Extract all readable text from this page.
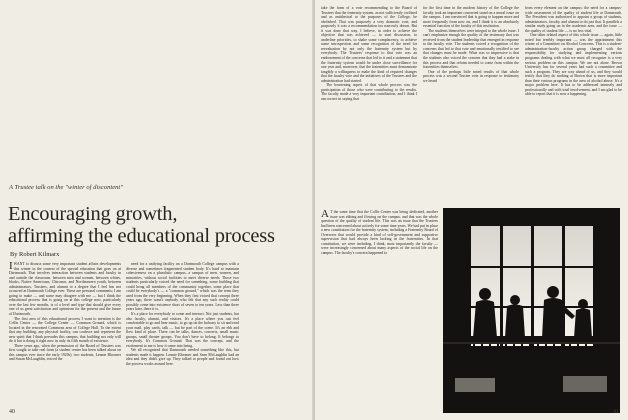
A Trustee talk on the "winter of discontent"
Encouraging growth,
affirming the educational process
By Robert Kilmarx

I WANT to discuss some very important student affairs developments this winter in the context of the special education that goes on at Dartmouth. That involves interaction between students and faculty in and outside the classroom, between men and women, between whites, blacks, Native Americans, Chicanos, and Northeastern youth, between administrators, Trustees, and alumni to a degree that I feel has not occurred at Dartmouth College ever. These are personal comments; I am going to make — and some may disagree with me — but I think the educational process that is going on at this college now, particularly over the last few months, is of a level and type that should give every one of us great satisfaction and optimism for the present and the future of Dartmouth.

The first area of this educational process I want to mention is the Collis Center — the College Center — Common Ground, which is located in the renovated Commons area of College Hall. To the extent that any building, any physical facility, can coalesce and represent the new spirit that I think pervades this campus, that building not only will do it but is doing it right now in only its fifth month of existence.

Three years ago, when the permission of the Board of Trustees was first sought to take real form (a student center has been talked about on this campus ever since the early 1920s), two students, Lennie Bloomer and Susan McLaughlin, voiced the

need for a unifying facility on a Dartmouth College campus with a diverse and sometimes fragmented student body. It's hard to maintain cohesiveness on a pluralistic campus, a campus of men, women, and minorities, without social facilities to meet diverse needs. Those two students particularly voiced the need for something, some building that could bring all members of the community together, some place that could be everybody's — a "common ground," which was the term they used from the very beginning. When they first voiced that concept three years ago, there wasn't anybody who felt that any such reality could possibly come into existence short of seven to ten years. Less than three years later, there it is.

It's a place for everybody to come and interact. Not just students, but also faculty, alumni, and visitors. It's a place where you can feel comfortable to go and hear music, to go up on the balcony to sit and read your mail, play cards, talk — but be part of the scene. It's an ebb and flow kind of place. There can be talks, dances, concerts, small music groups, small theater groups. You don't have to belong. It belongs to everybody. It's Common Ground. That was the concept, and the excitement to me is how it came into being.

We all recognized that Dartmouth needed something like this, but students made it happen. Lennie Bloomer and Sean McLaughlin had an idea and they didn't give up. They talked to people and found out how the process works around here.

40

take the form of a vote recommending to the Board of Trustees that the fraternity system, as not sufficiently civilized and as antithetical to the purposes of the College, be abolished. That was purposely a very dramatic vote, and purposely it was a recommendation too narrowly drawn. But it was done that way, I believe, in order to achieve the objective that was achieved — to start discussion, to underline priorities, to shake some complacency, to achieve some introspection and some recognition of the need for reevaluation by not only the fraternity system but by everybody. The Trustees' response to that vote was an endorsement of the concerns that led to it and a statement that the fraternity system would be under close surveillance for one year and, moreover, that the fraternities must demonstrate tangibly a willingness to make the kind of required changes that the faculty vote and the initiatives of the Trustees and the administration had started.

The heartening aspect of that whole process was the participation of those who were contributing to the results. The faculty made a very important contribution, and I think I am correct in saying that

for the first time in the modern history of the College the faculty took an important concerted stand on a moral issue on the campus. I am convinced that is going to happen more and more frequently from now on, and I think it is an absolutely essential function of the faculty of this institution.

The students themselves were integral to the whole issue. I can't emphasize enough the quality of the testimony that was received from the student leadership that emerged in response to the faculty vote. The students voiced a recognition of the concerns that led to that vote and emotionally testified to see that changes must be made. What was so impressive is that the students also voiced the concern that they had a stake in this process and that reform needed to come from within the fraternities themselves.

One of the perhaps little noted results of that whole process was a second Trustee vote in response to testimony we heard

from every element on the campus: the need for a campus-wide assessment of the quality of student life at Dartmouth. The President was authorized to appoint a group of students, administrators, faculty, and alumni to do just that. It parallels a similar study going on in the academic area, and the issue — the quality of student life — is no less vital.

One other related aspect of this whole issue — again, little noted but terribly important — was the appointment this winter of a Committee on Alcohol Concerns. This is a student-administration-faculty action group charged with the responsibility for studying and implementing various programs dealing with what we must all recognize is a very serious problem on this campus. We are not alone. Brown University has for several years had such a committee and such a program. They are way ahead of us, and they would testify that they do nothing at Brown that is more important than their various programs in the area of alcohol abuse. It's a major problem here. It has to be addressed intensely and professionally and with total involvement, and I am glad to be able to report that it is now a happening.

A T the same time that the Collis Center was being dedicated, another issue was ebbing and flowing on the campus, and that was the whole question of the quality of student life. This was an issue that the Trustees had been concerned about actively for some time years. We had put in place a new constitution for the fraternity system, including a Fraternity Board of Overseers that would provide a kind of self-government and supportive supervision that had always been lacking in the fraternities. In that constitution, we were including, I think, most importantly the faculty — were increasingly concerned about many aspects of the social life on the campus. The faculty's concern happened to

41
